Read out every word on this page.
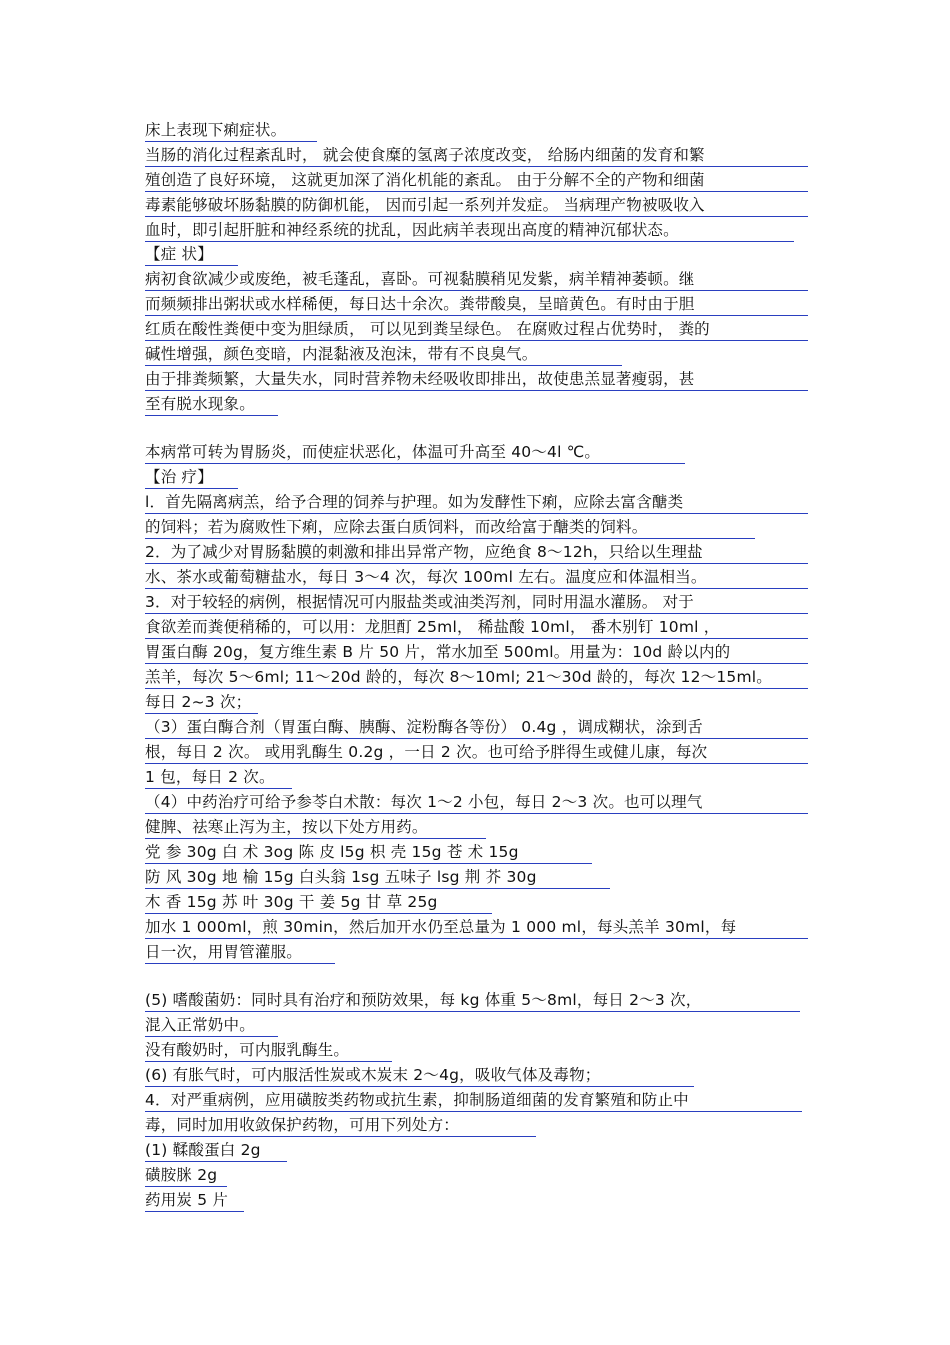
床上表现下痢症状。
当肠的消化过程紊乱时， 就会使食糜的氢离子浓度改变， 给肠内细菌的发育和繁
殖创造了良好环境， 这就更加深了消化机能的紊乱。 由于分解不全的产物和细菌
毒素能够破坏肠黏膜的防御机能， 因而引起一系列并发症。 当病理产物被吸收入
血时，即引起肝脏和神经系统的扰乱，因此病羊表现出高度的精神沉郁状态。
【症 状】
病初食欲减少或废绝，被毛蓬乱，喜卧。可视黏膜稍见发紫，病羊精神萎顿。继
而频频排出粥状或水样稀便，每日达十余次。粪带酸臭，呈暗黄色。有时由于胆
红质在酸性粪便中变为胆绿质， 可以见到粪呈绿色。 在腐败过程占优势时， 粪的
碱性增强，颜色变暗，内混黏液及泡沫，带有不良臭气。
由于排粪频繁，大量失水，同时营养物未经吸收即排出，故使患羔显著瘦弱，甚
至有脱水现象。
本病常可转为胃肠炎，而使症状恶化，体温可升高至 40～4l ℃。
【治 疗】
l．首先隔离病羔，给予合理的饲养与护理。如为发酵性下痢，应除去富含醣类
的饲料；若为腐败性下痢，应除去蛋白质饲料，而改给富于醣类的饲料。
2．为了减少对胃肠黏膜的刺激和排出异常产物，应绝食 8～12h，只给以生理盐
水、茶水或葡萄糖盐水，每日 3～4 次，每次 100ml 左右。温度应和体温相当。
3．对于较轻的病例，根据情况可内服盐类或油类泻剂，同时用温水灌肠。 对于
食欲差而粪便稍稀的，可以用：龙胆酊 25ml， 稀盐酸 10ml， 番木别钉 10ml ，
胃蛋白酶 20g，复方维生素 B 片 50 片，常水加至 500ml。用量为：10d 龄以内的
羔羊，每次 5～6ml; 11～20d 龄的，每次 8～10ml; 21～30d 龄的，每次 12～15ml。
每日 2~3 次；
（3）蛋白酶合剂（胃蛋白酶、胰酶、淀粉酶各等份） 0.4g ，调成糊状，涂到舌
根，每日 2 次。 或用乳酶生 0.2g ，一日 2 次。也可给予胖得生或健儿康，每次
1 包，每日 2 次。
（4）中药治疗可给予参苓白术散：每次 1～2 小包，每日 2～3 次。也可以理气
健脾、祛寒止泻为主，按以下处方用药。
党 参 30g 白 术 3og 陈 皮 l5g 枳 壳 15g 苍 术 15g
防 风 30g 地 榆 15g 白头翁 1sg 五味子 lsg 荆 芥 30g
木 香 15g 苏 叶 30g 干 姜 5g 甘 草 25g
加水 1 000ml，煎 30min，然后加开水仍至总量为 1 000 ml，每头羔羊 30ml，每
日一次，用胃管灌服。
(5) 嗜酸菌奶：同时具有治疗和预防效果，每 kg 体重 5～8ml，每日 2～3 次，
混入正常奶中。
没有酸奶时，可内服乳酶生。
(6) 有胀气时，可内服活性炭或木炭末 2～4g，吸收气体及毒物；
4．对严重病例，应用磺胺类药物或抗生素，抑制肠道细菌的发育繁殖和防止中
毒，同时加用收敛保护药物，可用下列处方：
(1) 鞣酸蛋白 2g
磺胺脒 2g
药用炭 5 片
